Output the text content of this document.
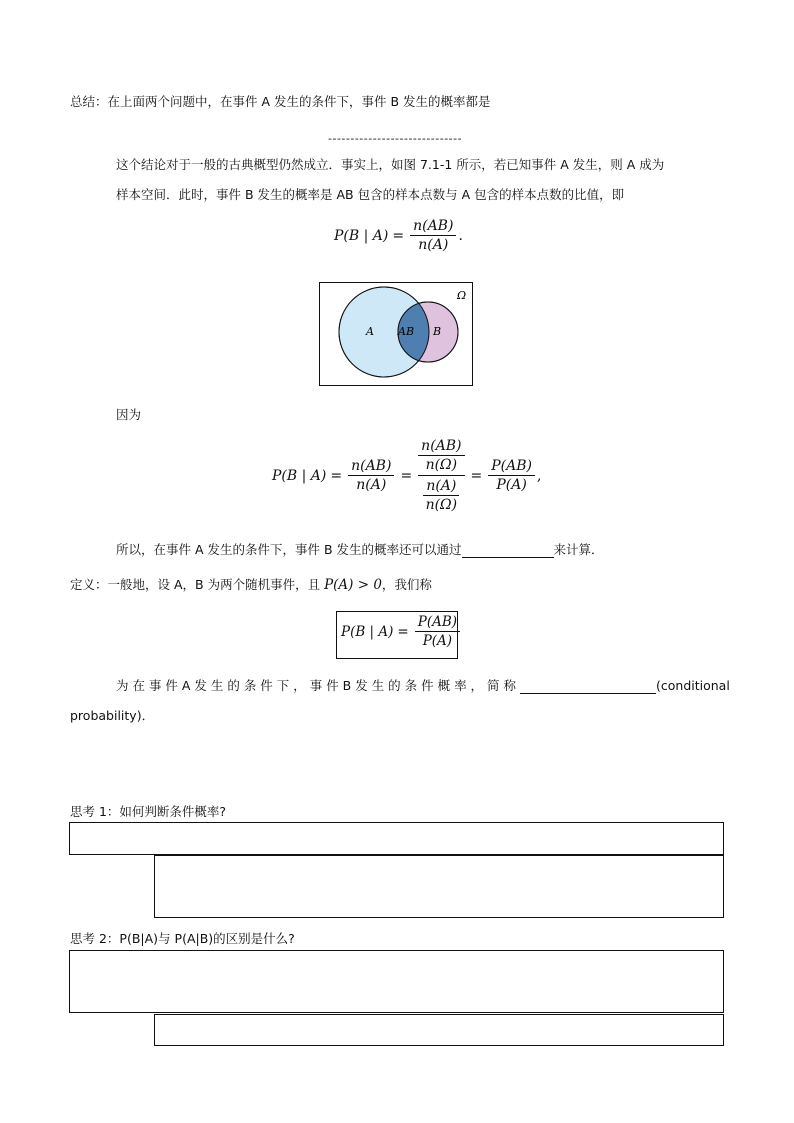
总结：在上面两个问题中，在事件 A 发生的条件下，事件 B 发生的概率都是
------------------------------
这个结论对于一般的古典概型仍然成立．事实上，如图 7.1-1 所示，若已知事件 A 发生，则 A 成为
样本空间．此时，事件 B 发生的概率是 AB 包含的样本点数与 A 包含的样本点数的比值，即
P(B | $A) = \frac{n(AB)}{n(A)}$ .
Ω
A AB B
因为
P(B | $A) = \frac{n(AB)}{n(A)} = \frac{\frac{n(AB)}{n(\Omega)}}{\frac{n(A)}{n(\Omega)}} = \frac{P(AB)}{P(A)}$ ,
所以，在事件 A 发生的条件下，事件 B 发生的概率还可以通过	来计算．
定义：一般地，设 A，B 为两个随机事件，且 P(A) > 0，我们称
P(B | $A) = \frac{P(AB)}{P(A)}$
为 在 事 件 A 发 生 的 条 件 下 ， 事 件 B 发 生 的 条 件 概 率 ， 简 称	(conditional
probability)．
思考 1：如何判断条件概率?
思考 2：P(B|A)与 P(A|B)的区别是什么?
